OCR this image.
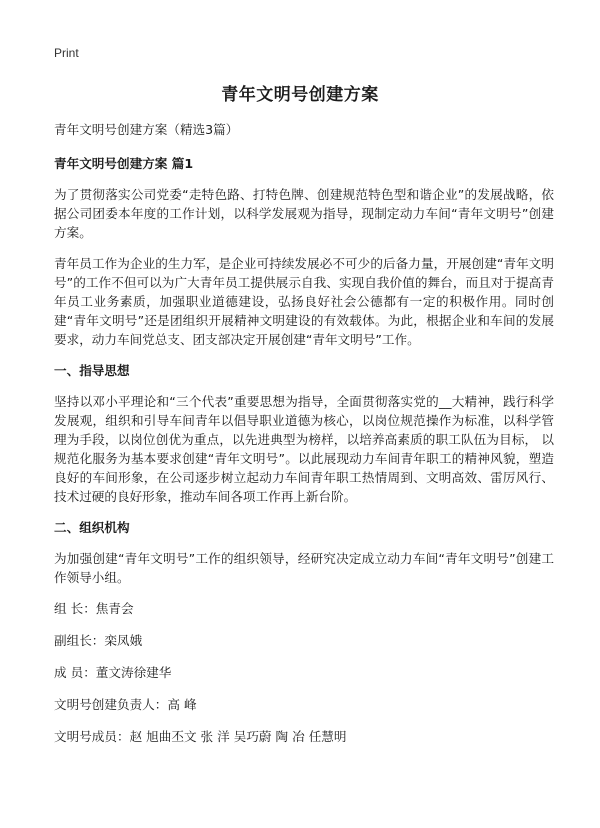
Print
青年文明号创建方案

青年文明号创建方案（精选3篇）

青年文明号创建方案 篇1

为了贯彻落实公司党委“走特色路、打特色牌、创建规范特色型和谐企业”的发展战略，依据公司团委本年度的工作计划，以科学发展观为指导，现制定动力车间“青年文明号”创建方案。

青年员工作为企业的生力军，是企业可持续发展必不可少的后备力量，开展创建“青年文明号”的工作不但可以为广大青年员工提供展示自我、实现自我价值的舞台，而且对于提高青年员工业务素质，加强职业道德建设，弘扬良好社会公德都有一定的积极作用。同时创建“青年文明号”还是团组织开展精神文明建设的有效载体。为此，根据企业和车间的发展要求，动力车间党总支、团支部决定开展创建“青年文明号”工作。

一、指导思想

坚持以邓小平理论和“三个代表”重要思想为指导，全面贯彻落实党的__大精神，践行科学发展观，组织和引导车间青年以倡导职业道德为核心，以岗位规范操作为标准，以科学管理为手段，以岗位创优为重点，以先进典型为榜样，以培养高素质的职工队伍为目标， 以规范化服务为基本要求创建“青年文明号”。以此展现动力车间青年职工的精神风貌，塑造良好的车间形象，在公司逐步树立起动力车间青年职工热情周到、文明高效、雷厉风行、技术过硬的良好形象，推动车间各项工作再上新台阶。

二、组织机构

为加强创建“青年文明号”工作的组织领导，经研究决定成立动力车间“青年文明号”创建工作领导小组。

组 长：焦青会

副组长：栾凤娥

成 员：董文涛徐建华

文明号创建负责人：高 峰

文明号成员：赵 旭曲丕文 张 洋 吴巧蔚 陶 冶 任慧明
